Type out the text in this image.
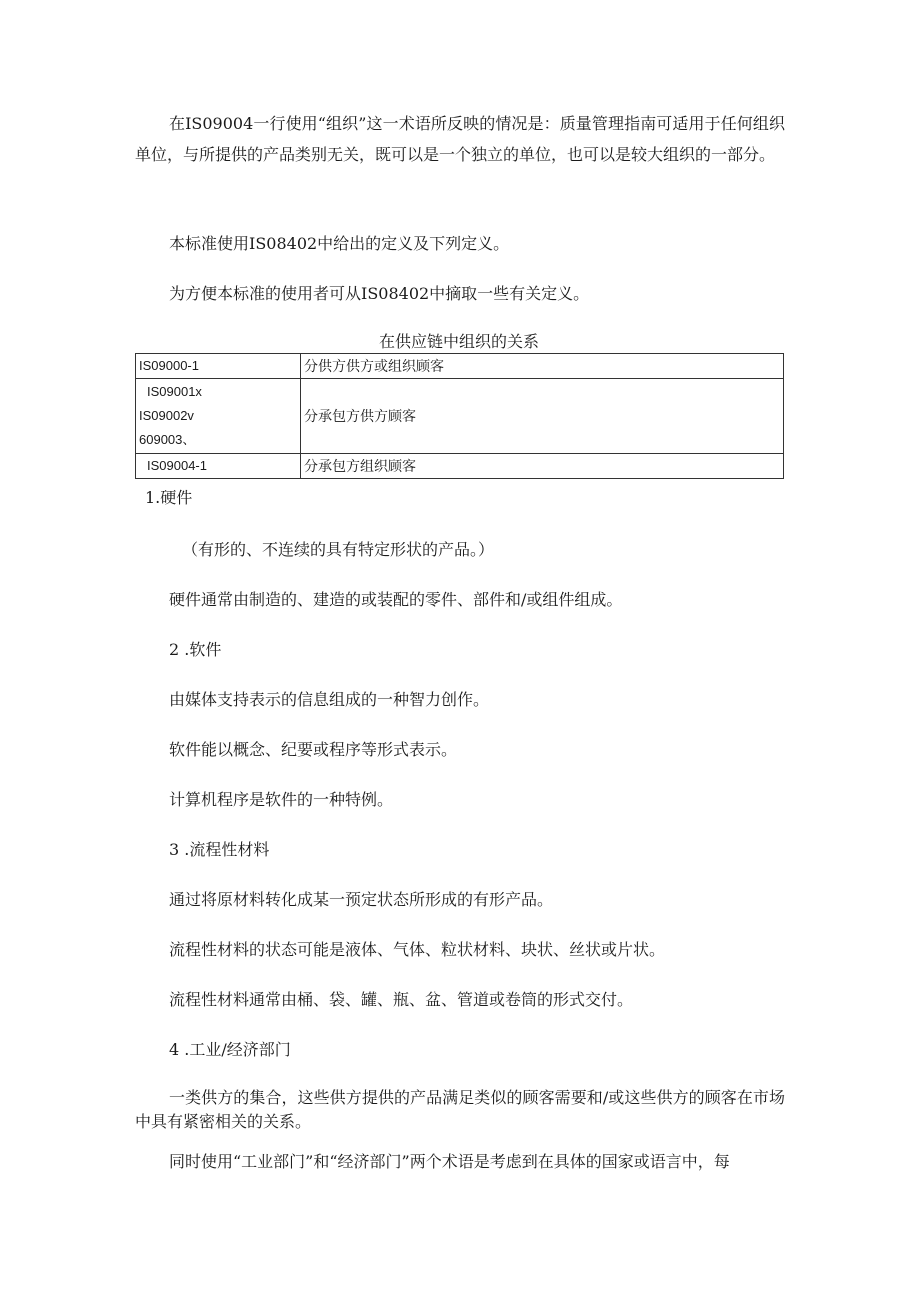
在IS09004一行使用“组织”这一术语所反映的情况是：质量管理指南可适用于任何组织单位，与所提供的产品类别无关，既可以是一个独立的单位，也可以是较大组织的一部分。

本标准使用IS08402中给出的定义及下列定义。

为方便本标准的使用者可从IS08402中摘取一些有关定义。

在供应链中组织的关系
IS09000-1	分供方供方或组织顾客

IS09001x
IS09002v
609003、	分承包方供方顾客

IS09004-1	分承包方组织顾客

1.硬件

（有形的、不连续的具有特定形状的产品。）

硬件通常由制造的、建造的或装配的零件、部件和/或组件组成。

2 .软件

由媒体支持表示的信息组成的一种智力创作。

软件能以概念、纪要或程序等形式表示。

计算机程序是软件的一种特例。

3 .流程性材料

通过将原材料转化成某一预定状态所形成的有形产品。

流程性材料的状态可能是液体、气体、粒状材料、块状、丝状或片状。

流程性材料通常由桶、袋、罐、瓶、盆、管道或卷筒的形式交付。

4 .工业/经济部门

一类供方的集合，这些供方提供的产品满足类似的顾客需要和/或这些供方的顾客在市场中具有紧密相关的关系。

同时使用“工业部门”和“经济部门”两个术语是考虑到在具体的国家或语言中，每
